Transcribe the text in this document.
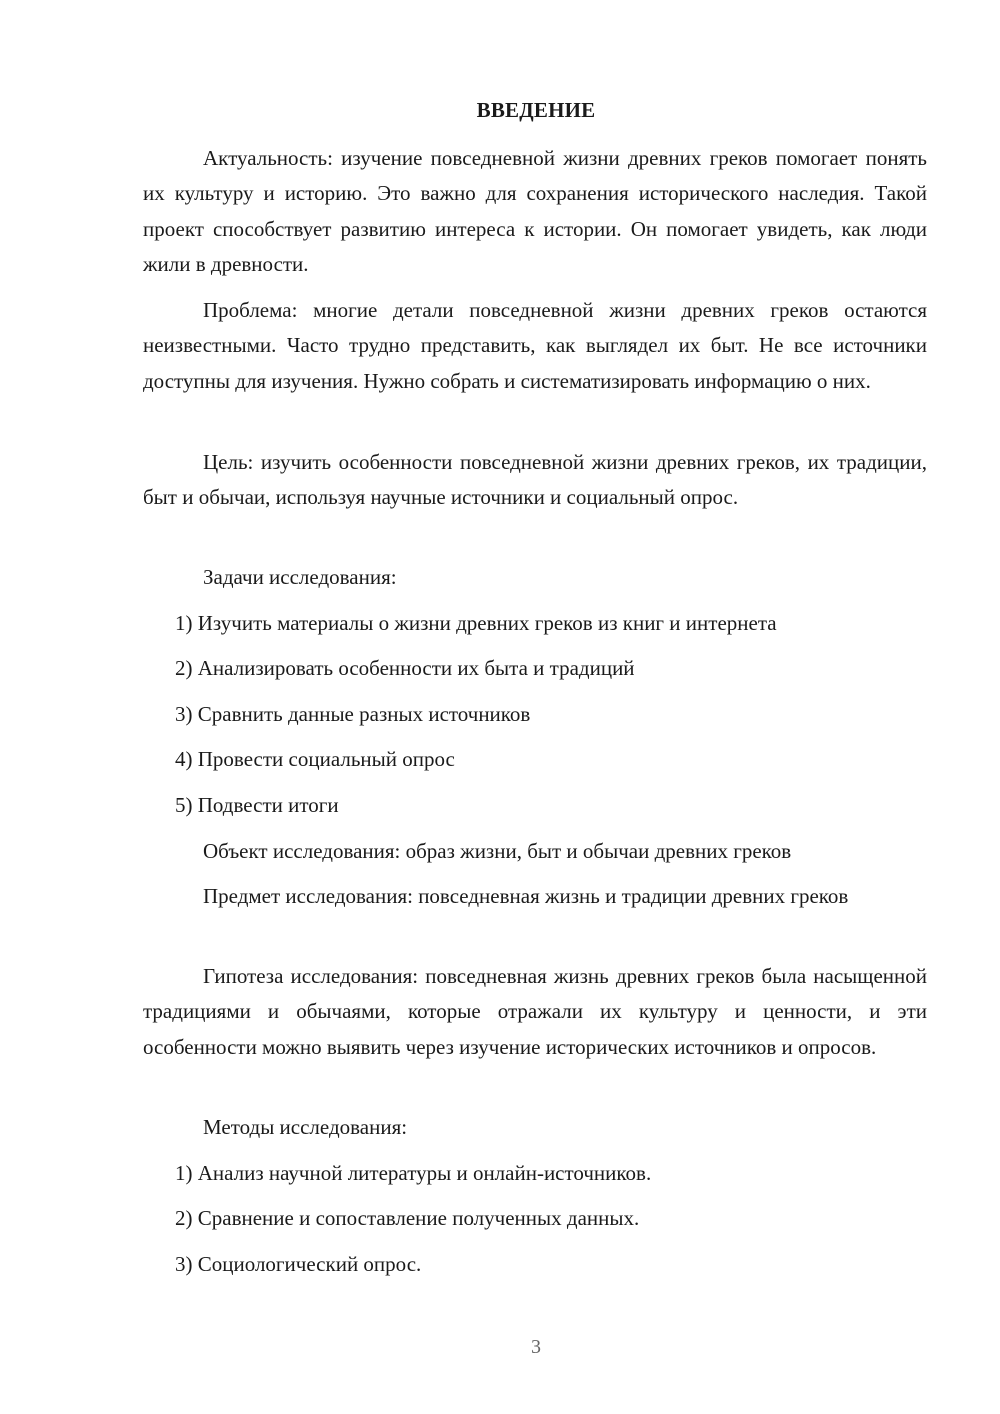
ВВЕДЕНИЕ

Актуальность: изучение повседневной жизни древних греков помогает понять их культуру и историю. Это важно для сохранения исторического наследия. Такой проект способствует развитию интереса к истории. Он помогает увидеть, как люди жили в древности.

Проблема: многие детали повседневной жизни древних греков остаются неизвестными. Часто трудно представить, как выглядел их быт. Не все источники доступны для изучения. Нужно собрать и систематизировать информацию о них.

Цель: изучить особенности повседневной жизни древних греков, их традиции, быт и обычаи, используя научные источники и социальный опрос.

Задачи исследования:

1) Изучить материалы о жизни древних греков из книг и интернета

2) Анализировать особенности их быта и традиций

3) Сравнить данные разных источников

4) Провести социальный опрос

5) Подвести итоги

Объект исследования: образ жизни, быт и обычаи древних греков

Предмет исследования: повседневная жизнь и традиции древних греков

Гипотеза исследования: повседневная жизнь древних греков была насыщенной традициями и обычаями, которые отражали их культуру и ценности, и эти особенности можно выявить через изучение исторических источников и опросов.

Методы исследования:

1) Анализ научной литературы и онлайн-источников.

2) Сравнение и сопоставление полученных данных.

3) Социологический опрос.

3
